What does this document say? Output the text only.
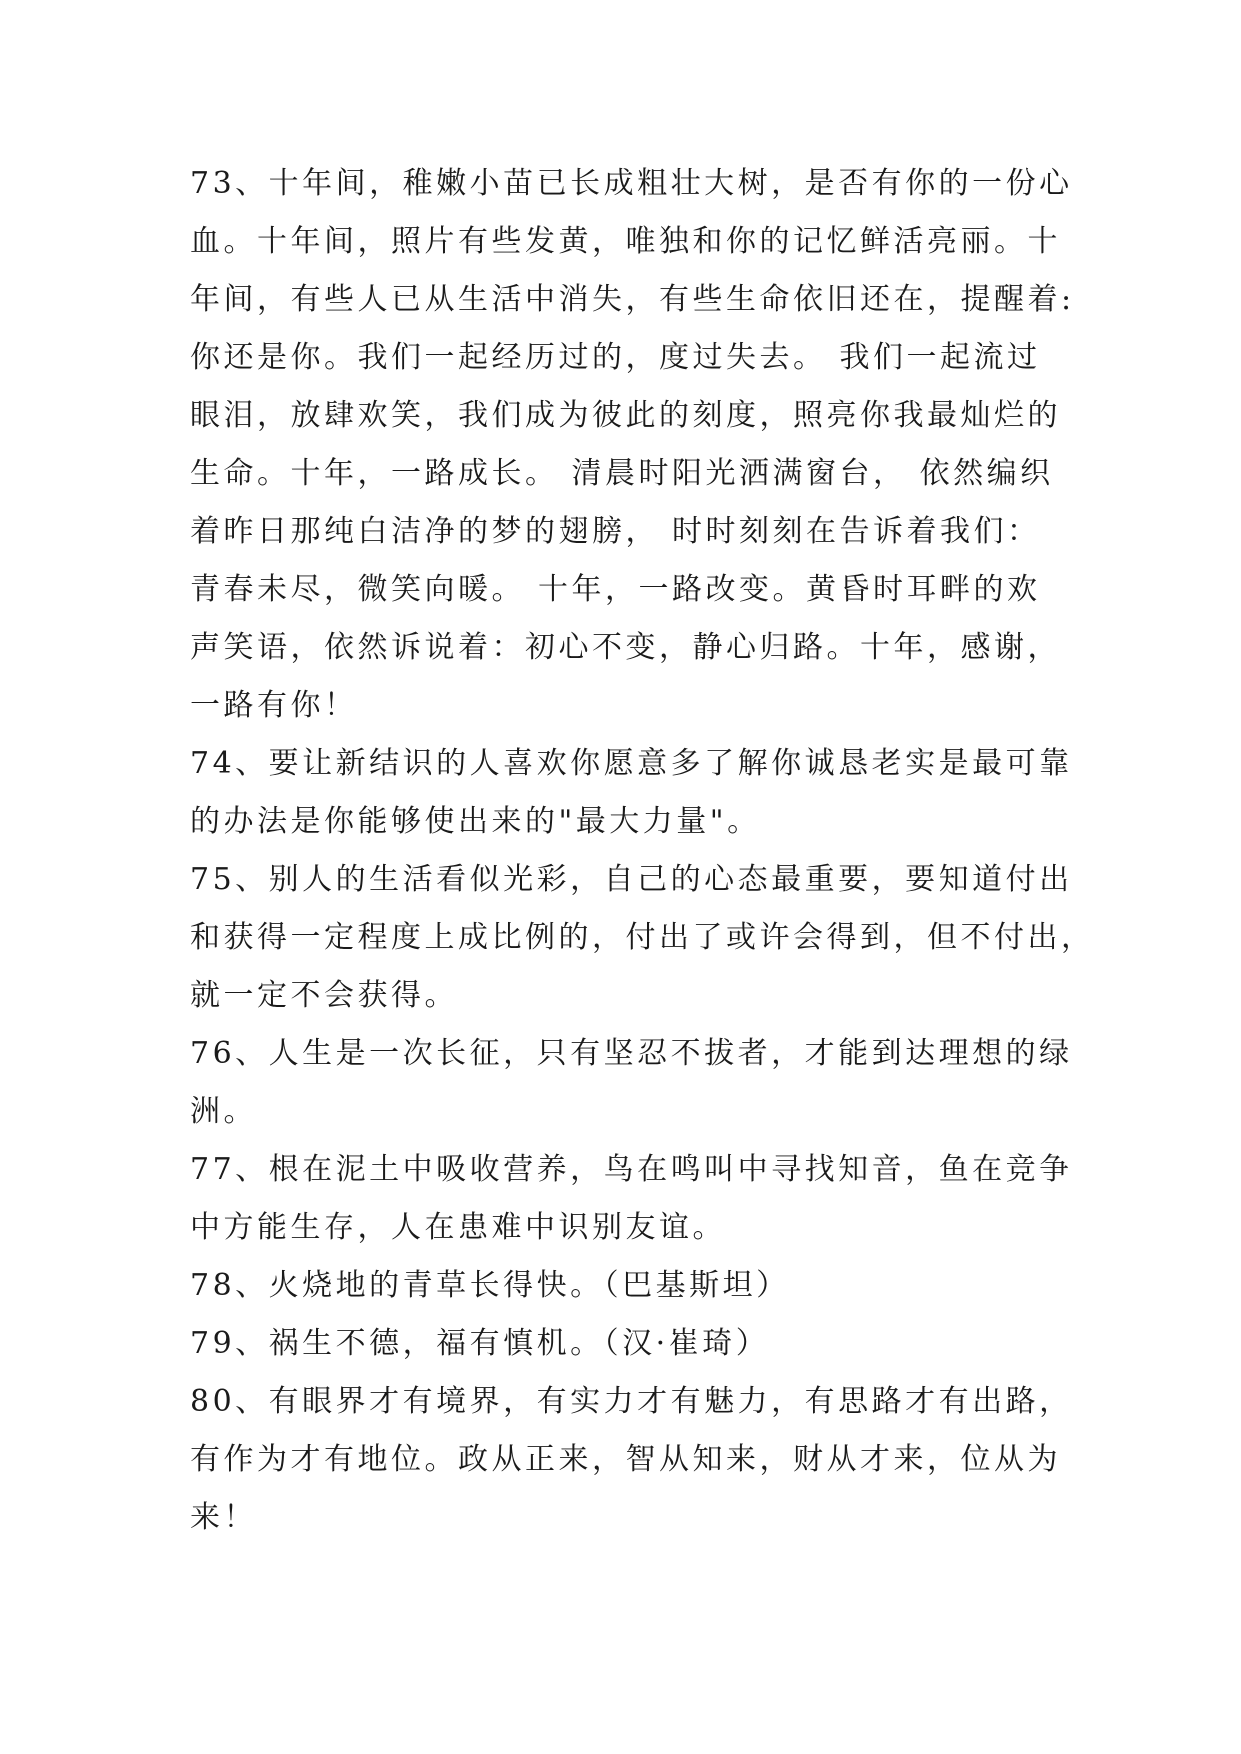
73、十年间，稚嫩小苗已长成粗壮大树，是否有你的一份心
血。十年间，照片有些发黄，唯独和你的记忆鲜活亮丽。十
年间，有些人已从生活中消失，有些生命依旧还在，提醒着:
你还是你。我们一起经历过的，度过失去。 我们一起流过
眼泪，放肆欢笑，我们成为彼此的刻度，照亮你我最灿烂的
生命。十年，一路成长。 清晨时阳光洒满窗台， 依然编织
着昨日那纯白洁净的梦的翅膀， 时时刻刻在告诉着我们：
青春未尽，微笑向暖。 十年，一路改变。黄昏时耳畔的欢
声笑语，依然诉说着：初心不变，静心归路。十年，感谢，
一路有你！
74、要让新结识的人喜欢你愿意多了解你诚恳老实是最可靠
的办法是你能够使出来的"最大力量"。
75、别人的生活看似光彩，自己的心态最重要，要知道付出
和获得一定程度上成比例的，付出了或许会得到，但不付出，
就一定不会获得。
76、人生是一次长征，只有坚忍不拔者，才能到达理想的绿
洲。
77、根在泥土中吸收营养，鸟在鸣叫中寻找知音，鱼在竞争
中方能生存，人在患难中识别友谊。
78、火烧地的青草长得快。（巴基斯坦）
79、祸生不德，福有慎机。（汉·崔琦）
80、有眼界才有境界，有实力才有魅力，有思路才有出路，
有作为才有地位。政从正来，智从知来，财从才来，位从为
来！
